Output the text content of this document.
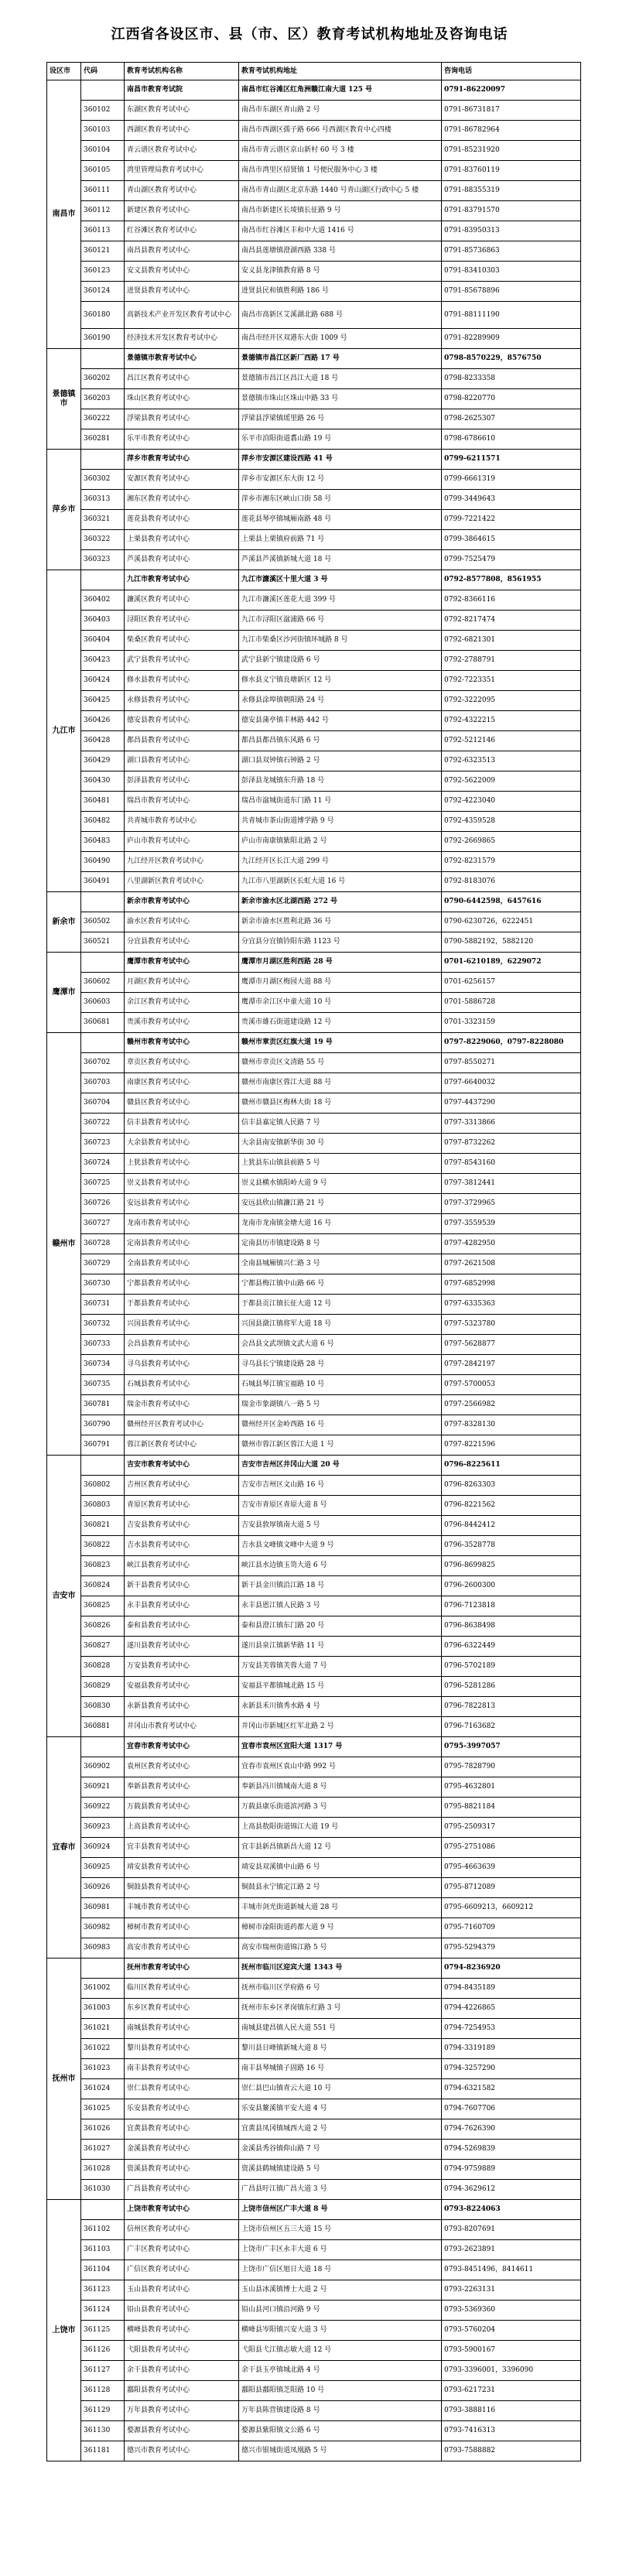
江西省各设区市、县（市、区）教育考试机构地址及咨询电话
设区市	代码	教育考试机构名称	教育考试机构地址	咨询电话
南昌市		南昌市教育考试院	南昌市红谷滩区红角洲赣江南大道 125 号	0791-86220097
	360102	东湖区教育考试中心	南昌市东湖区青山路 2 号	0791-86731817
	360103	西湖区教育考试中心	南昌市西湖区孺子路 666 号西湖区教育中心四楼	0791-86782964
	360104	青云谱区教育考试中心	南昌市青云谱区京山新村 60 号 3 楼	0791-85231920
	360105	湾里管理局教育考试中心	南昌市湾里区招贤镇 1 号便民服务中心 3 楼	0791-83760119
	360111	青山湖区教育考试中心	南昌市青山湖区北京东路 1440 号青山湖区行政中心 5 楼	0791-88355319
	360112	新建区教育考试中心	南昌市新建区长堎镇长征路 9 号	0791-83791570
	360113	红谷滩区教育考试中心	南昌市红谷滩区丰和中大道 1416 号	0791-83950313
	360121	南昌县教育考试中心	南昌县莲塘镇澄湖西路 338 号	0791-85736863
	360123	安义县教育考试中心	安义县龙津镇教育路 8 号	0791-83410303
	360124	进贤县教育考试中心	进贤县民和镇胜利路 186 号	0791-85678896
	360180	高新技术产业开发区教育考试中心	南昌市高新区艾溪湖北路 688 号	0791-88111190
	360190	经济技术开发区教育考试中心	南昌市经开区双港东大街 1009 号	0791-82289909
景德镇市		景德镇市教育考试中心	景德镇市昌江区新厂西路 17 号	0798-8570229，8576750
	360202	昌江区教育考试中心	景德镇市昌江区昌江大道 18 号	0798-8233358
	360203	珠山区教育考试中心	景德镇市珠山区珠山中路 33 号	0798-8220770
	360222	浮梁县教育考试中心	浮梁县浮梁镇瑶里路 26 号	0798-2625307
	360281	乐平市教育考试中心	乐平市洎阳街道翥山路 19 号	0798-6786610
萍乡市		萍乡市教育考试中心	萍乡市安源区建设西路 41 号	0799-6211571
	360302	安源区教育考试中心	萍乡市安源区东大街 12 号	0799-6661319
	360313	湘东区教育考试中心	萍乡市湘东区峡山口街 58 号	0799-3449643
	360321	莲花县教育考试中心	莲花县琴亭镇城厢南路 48 号	0799-7221422
	360322	上栗县教育考试中心	上栗县上栗镇府前路 71 号	0799-3864615
	360323	芦溪县教育考试中心	芦溪县芦溪镇新城大道 18 号	0799-7525479
九江市		九江市教育考试中心	九江市濂溪区十里大道 3 号	0792-8577808，8561955
	360402	濂溪区教育考试中心	九江市濂溪区莲花大道 399 号	0792-8366116
	360403	浔阳区教育考试中心	九江市浔阳区湓浦路 66 号	0792-8217474
	360404	柴桑区教育考试中心	九江市柴桑区沙河街镇环城路 8 号	0792-6821301
	360423	武宁县教育考试中心	武宁县新宁镇建设路 6 号	0792-2788791
	360424	修水县教育考试中心	修水县义宁镇良塘新区 12 号	0792-7223351
	360425	永修县教育考试中心	永修县涂埠镇朝阳路 24 号	0792-3222095
	360426	德安县教育考试中心	德安县蒲亭镇丰林路 442 号	0792-4322215
	360428	都昌县教育考试中心	都昌县都昌镇东风路 6 号	0792-5212146
	360429	湖口县教育考试中心	湖口县双钟镇石钟路 2 号	0792-6323513
	360430	彭泽县教育考试中心	彭泽县龙城镇东升路 18 号	0792-5622009
	360481	瑞昌市教育考试中心	瑞昌市湓城街道东门路 11 号	0792-4223040
	360482	共青城市教育考试中心	共青城市茶山街道博学路 9 号	0792-4359528
	360483	庐山市教育考试中心	庐山市南康镇紫阳北路 2 号	0792-2669865
	360490	九江经开区教育考试中心	九江经开区长江大道 299 号	0792-8231579
	360491	八里湖新区教育考试中心	九江市八里湖新区长虹大道 16 号	0792-8183076
新余市		新余市教育考试中心	新余市渝水区北湖西路 272 号	0790-6442598，6457616
	360502	渝水区教育考试中心	新余市渝水区胜利北路 36 号	0790-6230726，6222451
	360521	分宜县教育考试中心	分宜县分宜镇钤阳东路 1123 号	0790-5882192，5882120
鹰潭市		鹰潭市教育考试中心	鹰潭市月湖区胜利西路 28 号	0701-6210189，6229072
	360602	月湖区教育考试中心	鹰潭市月湖区梅园大道 88 号	0701-6256157
	360603	余江区教育考试中心	鹰潭市余江区中童大道 10 号	0701-5886728
	360681	贵溪市教育考试中心	贵溪市雄石街道建设路 12 号	0701-3323159
赣州市		赣州市教育考试中心	赣州市章贡区红旗大道 19 号	0797-8229060，0797-8228080
	360702	章贡区教育考试中心	赣州市章贡区文清路 55 号	0797-8550271
	360703	南康区教育考试中心	赣州市南康区蓉江大道 88 号	0797-6640032
	360704	赣县区教育考试中心	赣州市赣县区梅林大街 18 号	0797-4437290
	360722	信丰县教育考试中心	信丰县嘉定镇人民路 7 号	0797-3313866
	360723	大余县教育考试中心	大余县南安镇新华街 30 号	0797-8732262
	360724	上犹县教育考试中心	上犹县东山镇县前路 5 号	0797-8543160
	360725	崇义县教育考试中心	崇义县横水镇阳岭大道 9 号	0797-3812441
	360726	安远县教育考试中心	安远县欣山镇濂江路 21 号	0797-3729965
	360727	龙南市教育考试中心	龙南市龙南镇金塘大道 16 号	0797-3559539
	360728	定南县教育考试中心	定南县历市镇建设路 8 号	0797-4282950
	360729	全南县教育考试中心	全南县城厢镇兴仁路 3 号	0797-2621508
	360730	宁都县教育考试中心	宁都县梅江镇中山路 66 号	0797-6852998
	360731	于都县教育考试中心	于都县贡江镇长征大道 12 号	0797-6335363
	360732	兴国县教育考试中心	兴国县潋江镇将军大道 18 号	0797-5323780
	360733	会昌县教育考试中心	会昌县文武坝镇文武大道 6 号	0797-5628877
	360734	寻乌县教育考试中心	寻乌县长宁镇建设路 28 号	0797-2842197
	360735	石城县教育考试中心	石城县琴江镇宝福路 10 号	0797-5700053
	360781	瑞金市教育考试中心	瑞金市象湖镇八一路 5 号	0797-2566982
	360790	赣州经开区教育考试中心	赣州经开区金岭西路 16 号	0797-8328130
	360791	蓉江新区教育考试中心	赣州市蓉江新区蓉江大道 1 号	0797-8221596
吉安市		吉安市教育考试中心	吉安市吉州区井冈山大道 20 号	0796-8225611
	360802	吉州区教育考试中心	吉安市吉州区文山路 16 号	0796-8263303
	360803	青原区教育考试中心	吉安市青原区青原大道 8 号	0796-8221562
	360821	吉安县教育考试中心	吉安县敦厚镇南大道 5 号	0796-8442412
	360822	吉水县教育考试中心	吉水县文峰镇文峰中大道 9 号	0796-3528778
	360823	峡江县教育考试中心	峡江县水边镇玉笥大道 6 号	0796-8699825
	360824	新干县教育考试中心	新干县金川镇沿江路 18 号	0796-2600300
	360825	永丰县教育考试中心	永丰县恩江镇人民路 3 号	0796-7123818
	360826	泰和县教育考试中心	泰和县澄江镇东门路 20 号	0796-8638498
	360827	遂川县教育考试中心	遂川县泉江镇新华路 11 号	0796-6322449
	360828	万安县教育考试中心	万安县芙蓉镇芙蓉大道 7 号	0796-5702189
	360829	安福县教育考试中心	安福县平都镇城北路 15 号	0796-5281286
	360830	永新县教育考试中心	永新县禾川镇秀水路 4 号	0796-7822813
	360881	井冈山市教育考试中心	井冈山市新城区红军北路 2 号	0796-7163682
宜春市		宜春市教育考试中心	宜春市袁州区宜阳大道 1317 号	0795-3997057
	360902	袁州区教育考试中心	宜春市袁州区袁山中路 992 号	0795-7828790
	360921	奉新县教育考试中心	奉新县冯川镇城南大道 8 号	0795-4632801
	360922	万载县教育考试中心	万载县康乐街道滨河路 3 号	0795-8821184
	360923	上高县教育考试中心	上高县敖阳街道锦江大道 19 号	0795-2509317
	360924	宜丰县教育考试中心	宜丰县新昌镇新昌大道 12 号	0795-2751086
	360925	靖安县教育考试中心	靖安县双溪镇中山路 6 号	0795-4663639
	360926	铜鼓县教育考试中心	铜鼓县永宁镇定江路 2 号	0795-8712089
	360981	丰城市教育考试中心	丰城市剑光街道新城大道 28 号	0795-6609213，6609212
	360982	樟树市教育考试中心	樟树市淦阳街道药都大道 9 号	0795-7160709
	360983	高安市教育考试中心	高安市瑞州街道锦江路 5 号	0795-5294379
抚州市		抚州市教育考试中心	抚州市临川区迎宾大道 1343 号	0794-8236920
	361002	临川区教育考试中心	抚州市临川区学府路 6 号	0794-8435189
	361003	东乡区教育考试中心	抚州市东乡区孝岗镇东红路 3 号	0794-4226865
	361021	南城县教育考试中心	南城县建昌镇人民大道 551 号	0794-7254953
	361022	黎川县教育考试中心	黎川县日峰镇新城大道 8 号	0794-3319189
	361023	南丰县教育考试中心	南丰县琴城镇子固路 16 号	0794-3257290
	361024	崇仁县教育考试中心	崇仁县巴山镇青云大道 10 号	0794-6321582
	361025	乐安县教育考试中心	乐安县鳌溪镇平安大道 4 号	0794-7607706
	361026	宜黄县教育考试中心	宜黄县凤冈镇城西大道 2 号	0794-7626390
	361027	金溪县教育考试中心	金溪县秀谷镇仰山路 7 号	0794-5269839
	361028	资溪县教育考试中心	资溪县鹤城镇建设路 5 号	0794-9759889
	361030	广昌县教育考试中心	广昌县旴江镇广昌大道 3 号	0794-3629612
上饶市		上饶市教育考试中心	上饶市信州区广丰大道 8 号	0793-8224063
	361102	信州区教育考试中心	上饶市信州区五三大道 15 号	0793-8207691
	361103	广丰区教育考试中心	上饶市广丰区永丰大道 6 号	0793-2623891
	361104	广信区教育考试中心	上饶市广信区旭日大道 18 号	0793-8451496，8414611
	361123	玉山县教育考试中心	玉山县冰溪镇博士大道 2 号	0793-2263131
	361124	铅山县教育考试中心	铅山县河口镇沿河路 9 号	0793-5369360
	361125	横峰县教育考试中心	横峰县岑阳镇兴安大道 3 号	0793-5760204
	361126	弋阳县教育考试中心	弋阳县弋江镇志敏大道 12 号	0793-5900167
	361127	余干县教育考试中心	余干县玉亭镇城北路 4 号	0793-3396001，3396090
	361128	鄱阳县教育考试中心	鄱阳县鄱阳镇芝阳路 10 号	0793-6217231
	361129	万年县教育考试中心	万年县陈营镇建设路 8 号	0793-3888116
	361130	婺源县教育考试中心	婺源县紫阳镇文公路 6 号	0793-7416313
	361181	德兴市教育考试中心	德兴市银城街道凤凰路 5 号	0793-7588882
